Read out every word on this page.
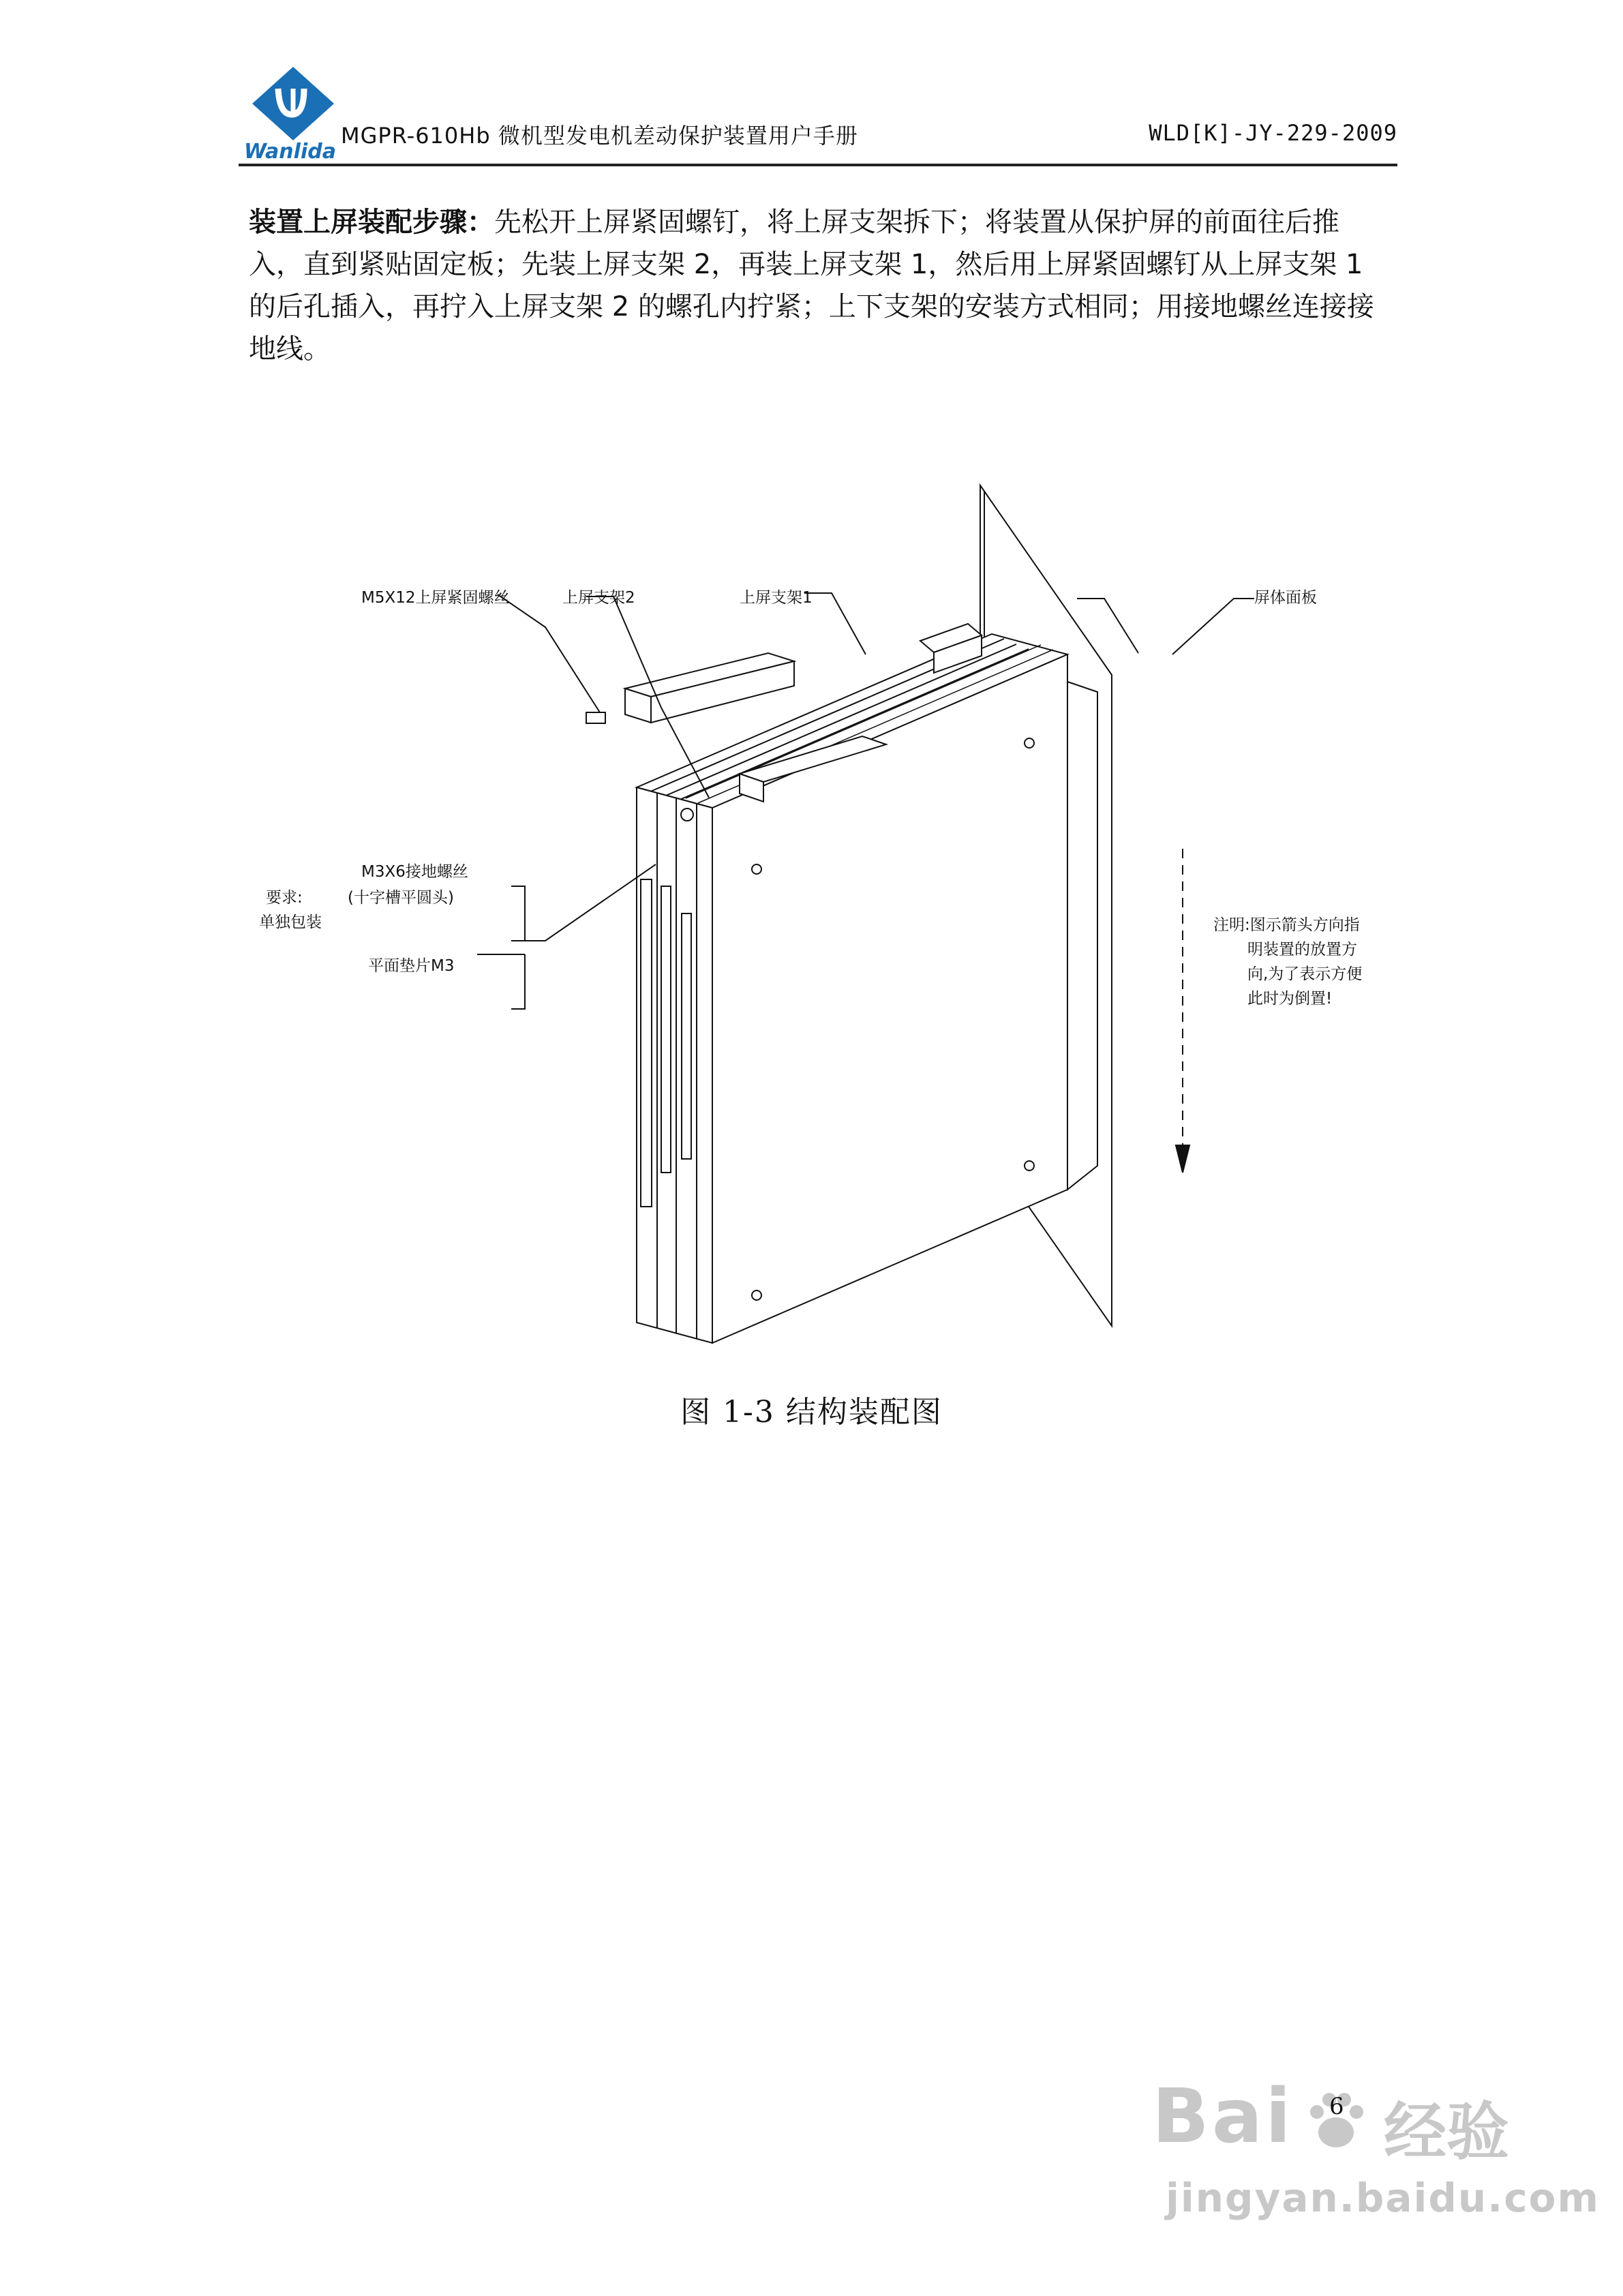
Wanlida
MGPR-610Hb 微机型发电机差动保护装置用户手册	WLD[K]-JY-229-2009
装置上屏装配步骤：先松开上屏紧固螺钉，将上屏支架拆下；将装置从保护屏的前面往后推入，直到紧贴固定板；先装上屏支架 2，再装上屏支架 1，然后用上屏紧固螺钉从上屏支架 1 的后孔插入，再拧入上屏支架 2 的螺孔内拧紧；上下支架的安装方式相同；用接地螺丝连接接地线。
M5X12上屏紧固螺丝	上屏支架2	上屏支架1	屏体面板
要求:
单独包装
M3X6接地螺丝
(十字槽平圆头)
平面垫片M3
注明:图示箭头方向指
明装置的放置方
向,为了表示方便
此时为倒置!
图 1-3 结构装配图
Bai 经验
jingyan.baidu.com
6
